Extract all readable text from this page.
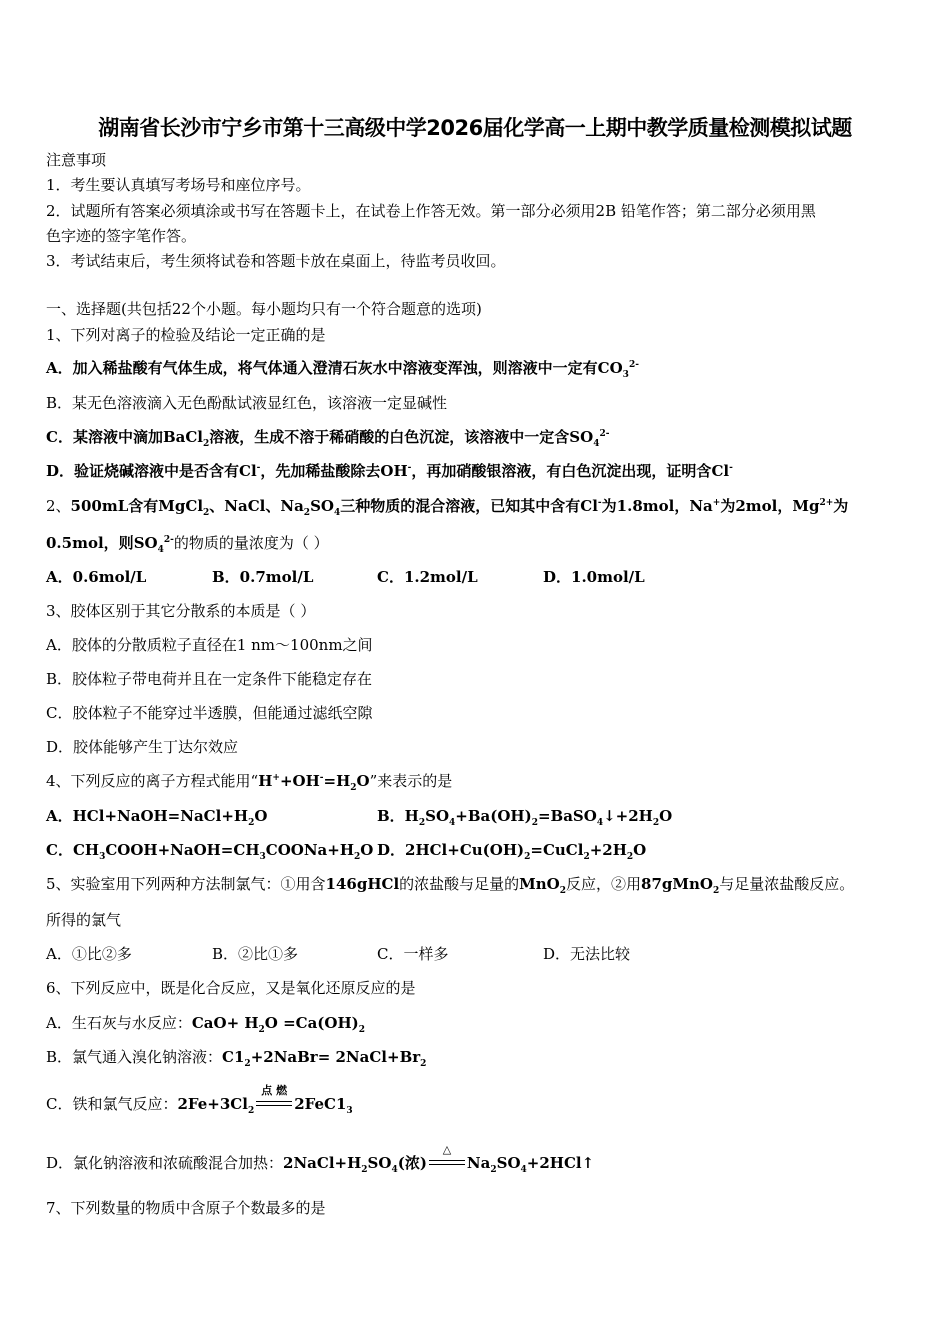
湖南省长沙市宁乡市第十三高级中学2026届化学高一上期中教学质量检测模拟试题
注意事项
1．考生要认真填写考场号和座位序号。
2．试题所有答案必须填涂或书写在答题卡上，在试卷上作答无效。第一部分必须用2B 铅笔作答；第二部分必须用黑
色字迹的签字笔作答。
3．考试结束后，考生须将试卷和答题卡放在桌面上，待监考员收回。
一、选择题(共包括22个小题。每小题均只有一个符合题意的选项)
1、下列对离子的检验及结论一定正确的是
A．加入稀盐酸有气体生成，将气体通入澄清石灰水中溶液变浑浊，则溶液中一定有$CO_3^{2-}$
B．某无色溶液滴入无色酚酞试液显红色，该溶液一定显碱性
C．某溶液中滴加BaCl$_2$溶液，生成不溶于稀硝酸的白色沉淀，该溶液中一定含$SO_4^{2-}$
D．验证烧碱溶液中是否含有Cl-，先加稀盐酸除去OH-，再加硝酸银溶液，有白色沉淀出现，证明含Cl-
2、500mL含有MgCl$_2$、NaCl、$Na_2SO_4$三种物质的混合溶液，已知其中含有Cl-为1.8mol，Na+为2mol，$Mg^{2+}$为
0.5mol，则$SO_4^{2-}$的物质的量浓度为（ ）
A．0.6mol/L	B．0.7mol/L	C．1.2mol/L	D．1.0mol/L
3、胶体区别于其它分散系的本质是（ ）
A．胶体的分散质粒子直径在1 nm～100nm之间
B．胶体粒子带电荷并且在一定条件下能稳定存在
C．胶体粒子不能穿过半透膜，但能通过滤纸空隙
D．胶体能够产生丁达尔效应
4、下列反应的离子方程式能用“$H^++OH^-=H_2O$”来表示的是
A．$HCl+NaOH=NaCl+H_2O$	B．$H_2SO_4+Ba(OH)_2=BaSO_4↓+2H_2O$
C．$CH_3COOH+NaOH=CH_3COONa+H_2O$ D．$2HCl+Cu(OH)_2=CuCl_2+2H_2O$
5、实验室用下列两种方法制氯气：①用含146gHCl的浓盐酸与足量的MnO$_2$反应，②用87gMnO$_2$与足量浓盐酸反应。
所得的氯气
A．①比②多	B．②比①多	C．一样多	D．无法比较
6、下列反应中，既是化合反应，又是氧化还原反应的是
A．生石灰与水反应：$CaO+ H_2O =Ca(OH)_2$
B．氯气通入溴化钠溶液：$C1_2+2NaBr=$ $2NaCl+Br_2$
C．铁和氯气反应：$2Fe+3Cl_2$
点 燃
$2FeC1_3$
D．氯化钠溶液和浓硫酸混合加热：$2NaCl+H_2SO_4$(浓)
△
$Na_2SO_4+2HCl↑$
7、下列数量的物质中含原子个数最多的是
